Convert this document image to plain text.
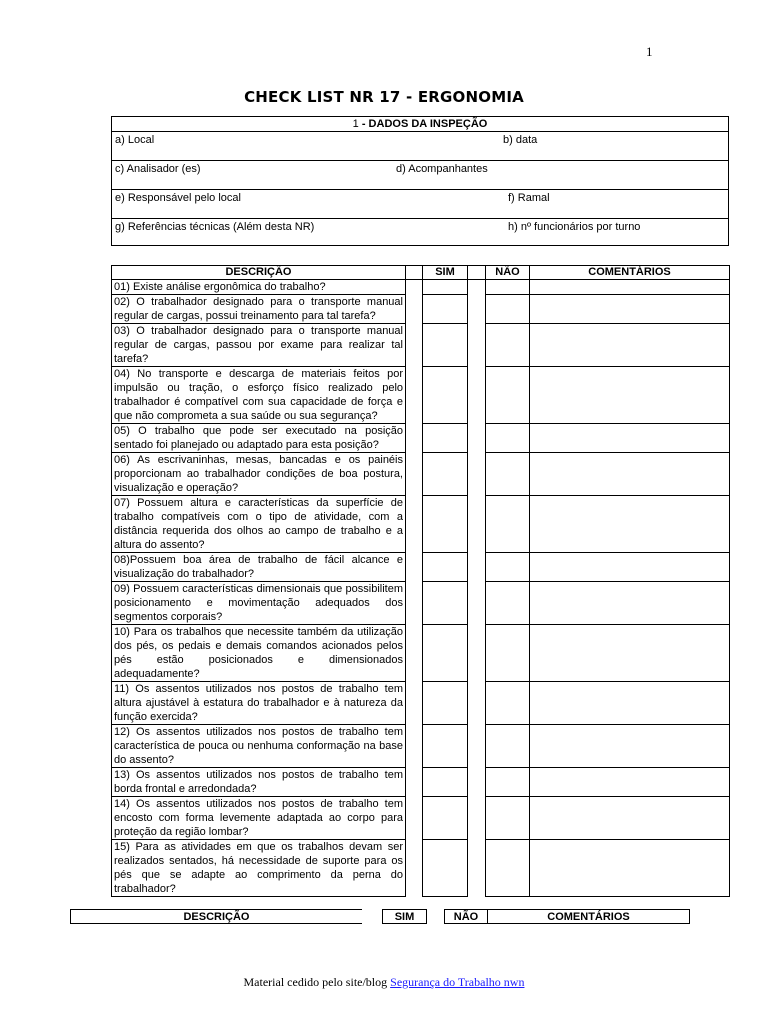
1
CHECK LIST NR 17 - ERGONOMIA
1 - DADOS DA INSPEÇÃO
a) Local	b) data
c) Analisador (es)	d) Acompanhantes
e) Responsável pelo local	f) Ramal
g) Referências técnicas (Além desta NR)	h) nº funcionários por turno
DESCRIÇÃO		SIM		NÃO	COMENTÁRIOS
01) Existe análise ergonômica do trabalho?					
02) O trabalhador designado para o transporte manual regular de cargas, possui treinamento para tal tarefa?					
03) O trabalhador designado para o transporte manual regular de cargas, passou por exame para realizar tal tarefa?					
04) No transporte e descarga de materiais feitos por impulsão ou tração, o esforço físico realizado pelo trabalhador é compatível com sua capacidade de força e que não comprometa a sua saúde ou sua segurança?					
05) O trabalho que pode ser executado na posição sentado foi planejado ou adaptado para esta posição?					
06) As escrivaninhas, mesas, bancadas e os painéis proporcionam ao trabalhador condições de boa postura, visualização e operação?					
07) Possuem altura e características da superfície de trabalho compatíveis com o tipo de atividade, com a distância requerida dos olhos ao campo de trabalho e a altura do assento?					
08)Possuem boa área de trabalho de fácil alcance e visualização do trabalhador?					
09) Possuem características dimensionais que possibilitem posicionamento e movimentação adequados dos segmentos corporais?					
10) Para os trabalhos que necessite também da utilização dos pés, os pedais e demais comandos acionados pelos pés estão posicionados e dimensionados adequadamente?					
11) Os assentos utilizados nos postos de trabalho tem altura ajustável à estatura do trabalhador e à natureza da função exercida?					
12) Os assentos utilizados nos postos de trabalho tem característica de pouca ou nenhuma conformação na base do assento?					
13) Os assentos utilizados nos postos de trabalho tem borda frontal e arredondada?					
14) Os assentos utilizados nos postos de trabalho tem encosto com forma levemente adaptada ao corpo para proteção da região lombar?					
15) Para as atividades em que os trabalhos devam ser realizados sentados, há necessidade de suporte para os pés que se adapte ao comprimento da perna do trabalhador?					
DESCRIÇÃO	SIM	NÃO	COMENTÁRIOS
Material cedido pelo site/blog Segurança do Trabalho nwn
